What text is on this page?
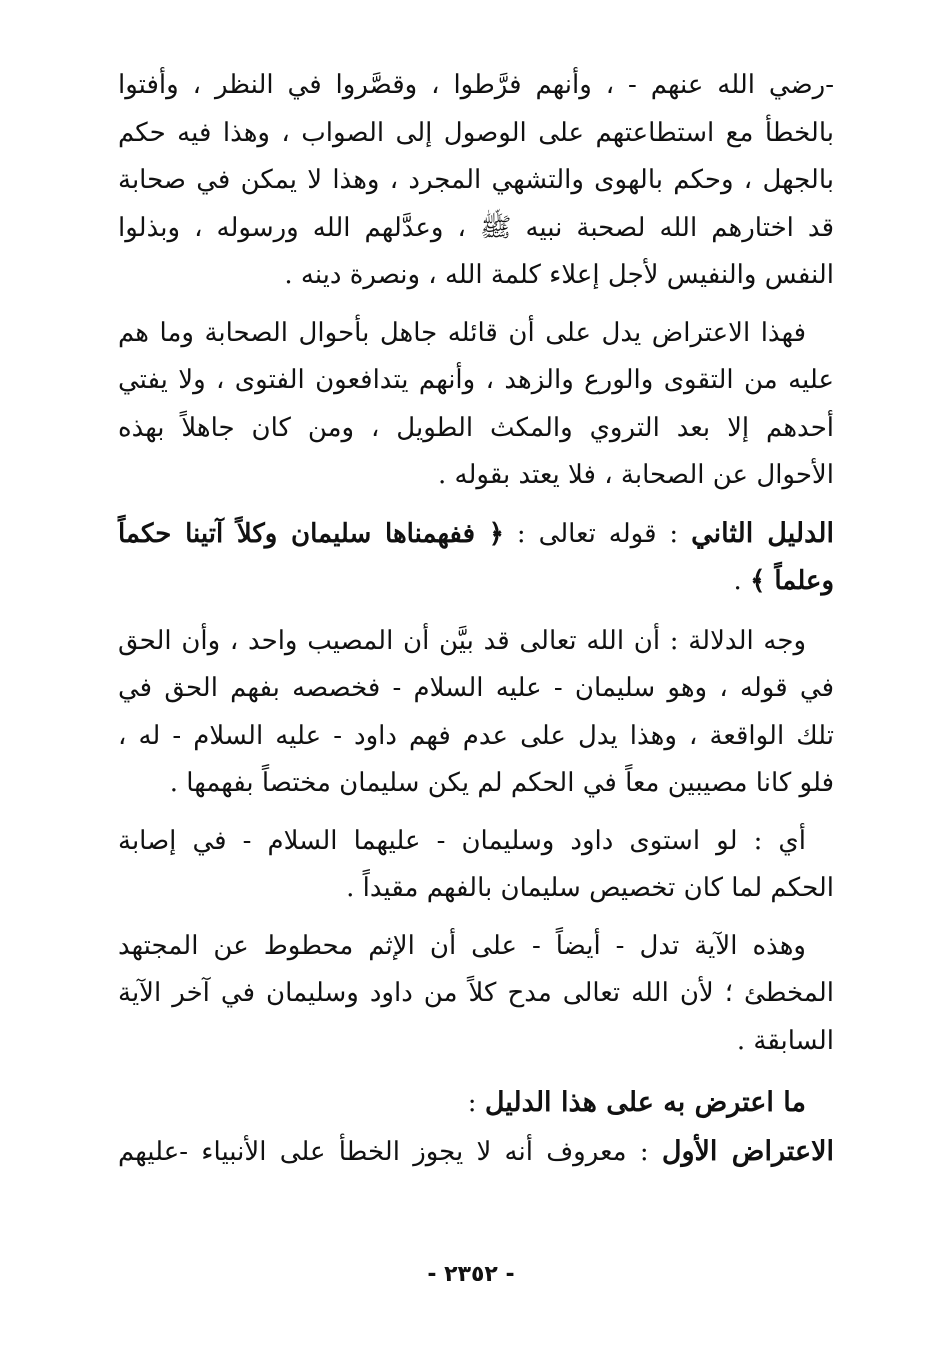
-رضي الله عنهم - ، وأنهم فرَّطوا ، وقصَّروا في النظر ، وأفتوا
بالخطأ مع استطاعتهم على الوصول إلى الصواب ، وهذا فيه حكم
بالجهل ، وحكم بالهوى والتشهي المجرد ، وهذا لا يمكن في صحابة
قد اختارهم الله لصحبة نبيه ﷺ ، وعدَّلهم الله ورسوله ، وبذلوا
النفس والنفيس لأجل إعلاء كلمة الله ، ونصرة دينه .

فهذا الاعتراض يدل على أن قائله جاهل بأحوال الصحابة وما هم
عليه من التقوى والورع والزهد ، وأنهم يتدافعون الفتوى ، ولا يفتي
أحدهم إلا بعد التروي والمكث الطويل ، ومن كان جاهلاً بهذه
الأحوال عن الصحابة ، فلا يعتد بقوله .

الدليل الثاني : قوله تعالى : ﴿ ففهمناها سليمان وكلاً آتينا حكماً
وعلماً ﴾ .

وجه الدلالة : أن الله تعالى قد بيَّن أن المصيب واحد ، وأن الحق
في قوله ، وهو سليمان - عليه السلام - فخصصه بفهم الحق في
تلك الواقعة ، وهذا يدل على عدم فهم داود - عليه السلام - له ،
فلو كانا مصيبين معاً في الحكم لم يكن سليمان مختصاً بفهمها .

أي : لو استوى داود وسليمان - عليهما السلام - في إصابة
الحكم لما كان تخصيص سليمان بالفهم مقيداً .

وهذه الآية تدل - أيضاً - على أن الإثم محطوط عن المجتهد
المخطئ ؛ لأن الله تعالى مدح كلاً من داود وسليمان في آخر الآية
السابقة .

ما اعترض به على هذا الدليل :

الاعتراض الأول : معروف أنه لا يجوز الخطأ على الأنبياء -عليهم

- ٢٣٥٢ -
